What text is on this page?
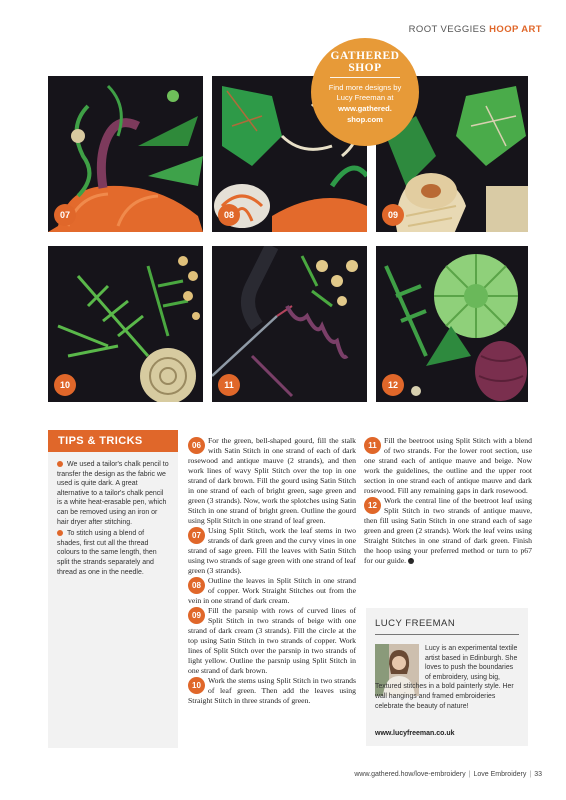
ROOT VEGGIES HOOP ART
07	08	09
10	11	12
GATHERED
SHOP
Find more designs by Lucy Freeman at
www.gathered.
shop.com
TIPS & TRICKS

We used a tailor's chalk pencil to transfer the design as the fabric we used is quite dark. A great alternative to a tailor's chalk pencil is a white heat-erasable pen, which can be removed using an iron or hair dryer after stitching.

To stitch using a blend of shades, first cut all the thread colours to the same length, then split the strands separately and thread as one in the needle.

06 For the green, bell-shaped gourd, fill the stalk with Satin Stitch in one strand of each of dark rosewood and antique mauve (2 strands), and then work lines of wavy Split Stitch over the top in one strand of dark brown. Fill the gourd using Satin Stitch in one strand of each of bright green, sage green and green (3 strands). Now, work the splotches using Satin Stitch in one strand of bright green. Outline the gourd using Split Stitch in one strand of leaf green.
07 Using Split Stitch, work the leaf stems in two strands of dark green and the curvy vines in one strand of sage green. Fill the leaves with Satin Stitch using two strands of sage green with one strand of leaf green (3 strands).
08 Outline the leaves in Split Stitch in one strand of copper. Work Straight Stitches out from the vein in one strand of dark cream.
09 Fill the parsnip with rows of curved lines of Split Stitch in two strands of beige with one strand of dark cream (3 strands). Fill the circle at the top using Satin Stitch in two strands of copper. Work lines of Split Stitch over the parsnip in two strands of light yellow. Outline the parsnip using Split Stitch in one strand of dark brown.
10 Work the stems using Split Stitch in two strands of leaf green. Then add the leaves using Straight Stitch in three strands of green.
11 Fill the beetroot using Split Stitch with a blend of two strands. For the lower root section, use one strand each of antique mauve and beige. Now work the guidelines, the outline and the upper root section in one strand each of antique mauve and dark rosewood. Fill any remaining gaps in dark rosewood.
12 Work the central line of the beetroot leaf using Split Stitch in two strands of antique mauve, then fill using Satin Stitch in one strand each of sage green and green (2 strands). Work the leaf veins using Straight Stitches in one strand of dark green. Finish the hoop using your preferred method or turn to p67 for our guide.
LUCY FREEMAN
Lucy is an experimental textile artist based in Edinburgh. She loves to push the boundaries of embroidery, using big,
Textured stitches in a bold painterly style. Her wall hangings and framed embroideries celebrate the beauty of nature!
www.lucyfreeman.co.uk
www.gathered.how/love-embroidery | Love Embroidery | 33
